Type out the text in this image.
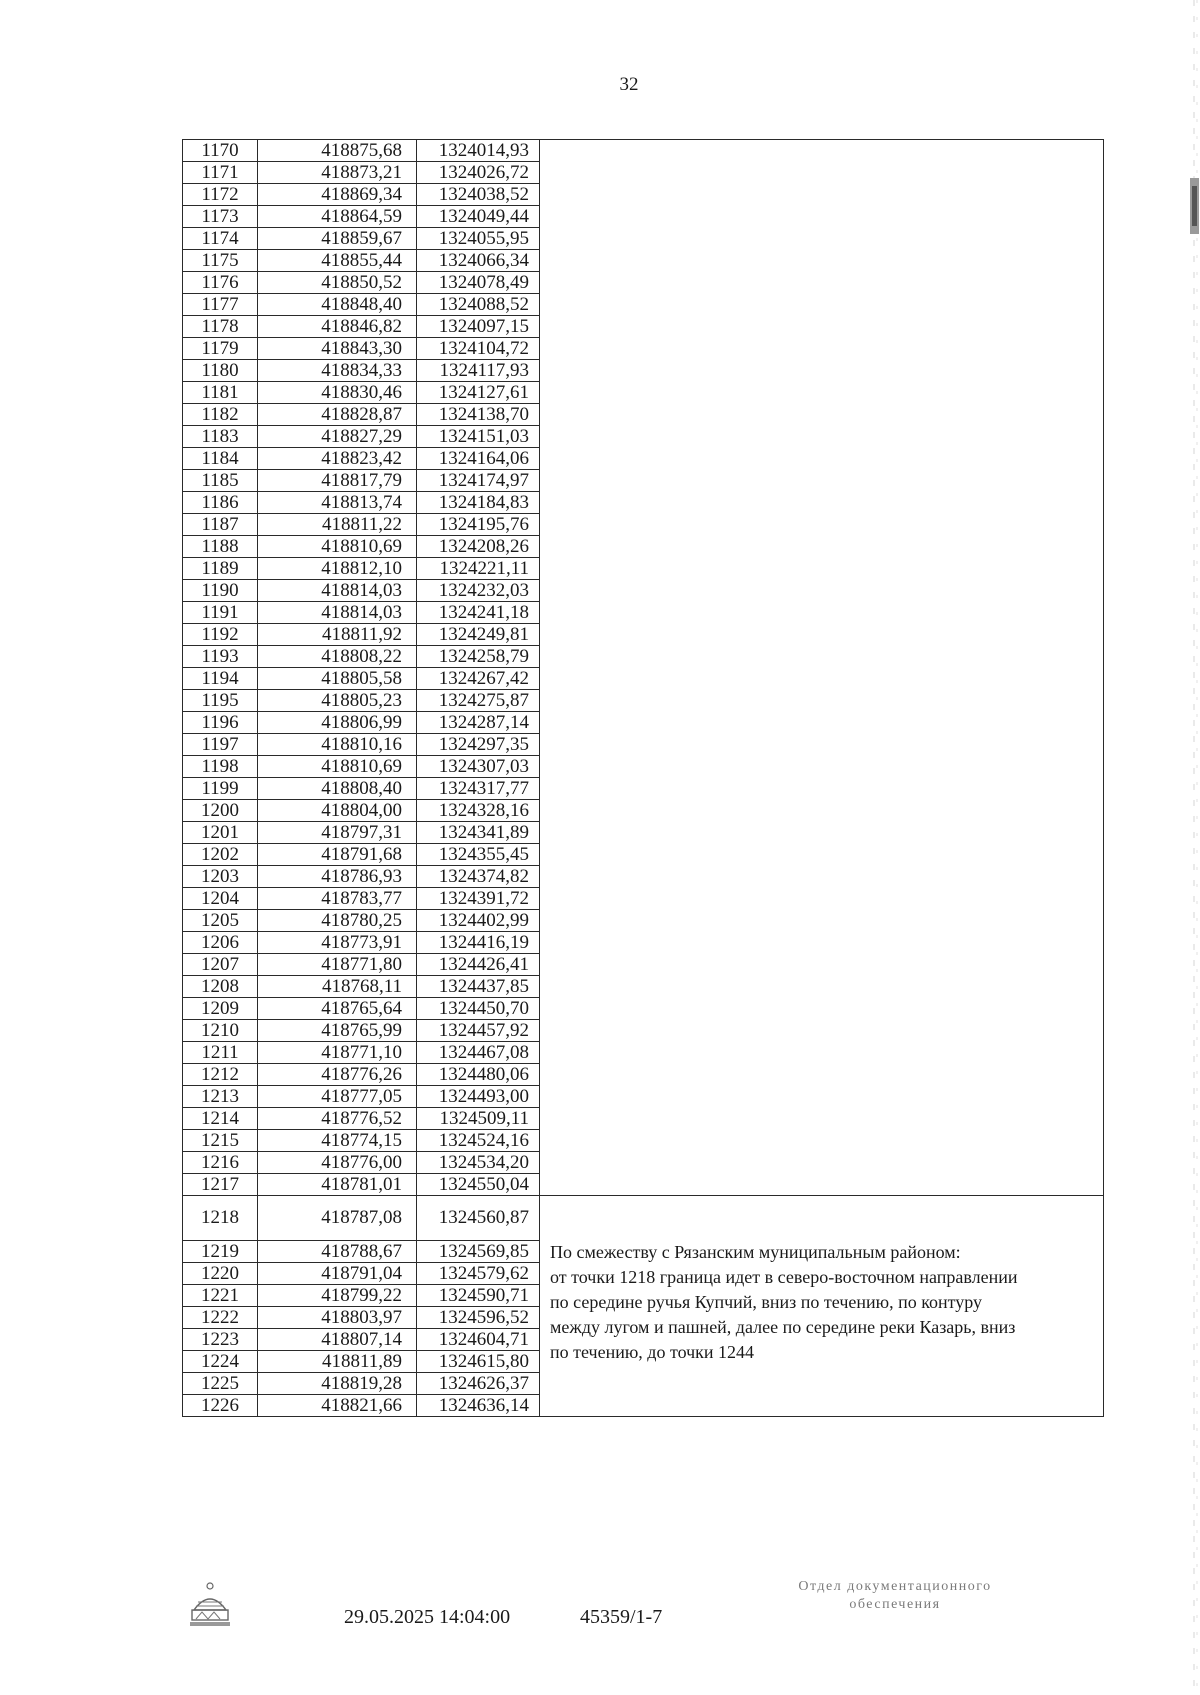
32
1170	418875,68	1324014,93	
1171	418873,21	1324026,72	
1172	418869,34	1324038,52	
1173	418864,59	1324049,44	
1174	418859,67	1324055,95	
1175	418855,44	1324066,34	
1176	418850,52	1324078,49	
1177	418848,40	1324088,52	
1178	418846,82	1324097,15	
1179	418843,30	1324104,72	
1180	418834,33	1324117,93	
1181	418830,46	1324127,61	
1182	418828,87	1324138,70	
1183	418827,29	1324151,03	
1184	418823,42	1324164,06	
1185	418817,79	1324174,97	
1186	418813,74	1324184,83	
1187	418811,22	1324195,76	
1188	418810,69	1324208,26	
1189	418812,10	1324221,11	
1190	418814,03	1324232,03	
1191	418814,03	1324241,18	
1192	418811,92	1324249,81	
1193	418808,22	1324258,79	
1194	418805,58	1324267,42	
1195	418805,23	1324275,87	
1196	418806,99	1324287,14	
1197	418810,16	1324297,35	
1198	418810,69	1324307,03	
1199	418808,40	1324317,77	
1200	418804,00	1324328,16	
1201	418797,31	1324341,89	
1202	418791,68	1324355,45	
1203	418786,93	1324374,82	
1204	418783,77	1324391,72	
1205	418780,25	1324402,99	
1206	418773,91	1324416,19	
1207	418771,80	1324426,41	
1208	418768,11	1324437,85	
1209	418765,64	1324450,70	
1210	418765,99	1324457,92	
1211	418771,10	1324467,08	
1212	418776,26	1324480,06	
1213	418777,05	1324493,00	
1214	418776,52	1324509,11	
1215	418774,15	1324524,16	
1216	418776,00	1324534,20	
1217	418781,01	1324550,04	
1218	418787,08	1324560,87	По смежеству с Рязанским муниципальным районом:
от точки 1218 граница идет в северо-восточном направлении
по середине ручья Купчий, вниз по течению, по контуру
между лугом и пашней, далее по середине реки Казарь, вниз
по течению, до точки 1244

1219	418788,67	1324569,85	
1220	418791,04	1324579,62	
1221	418799,22	1324590,71	
1222	418803,97	1324596,52	
1223	418807,14	1324604,71	
1224	418811,89	1324615,80	
1225	418819,28	1324626,37	
1226	418821,66	1324636,14	
29.05.2025 14:04:00	45359/1-7
Отдел документационного
обеспечения
